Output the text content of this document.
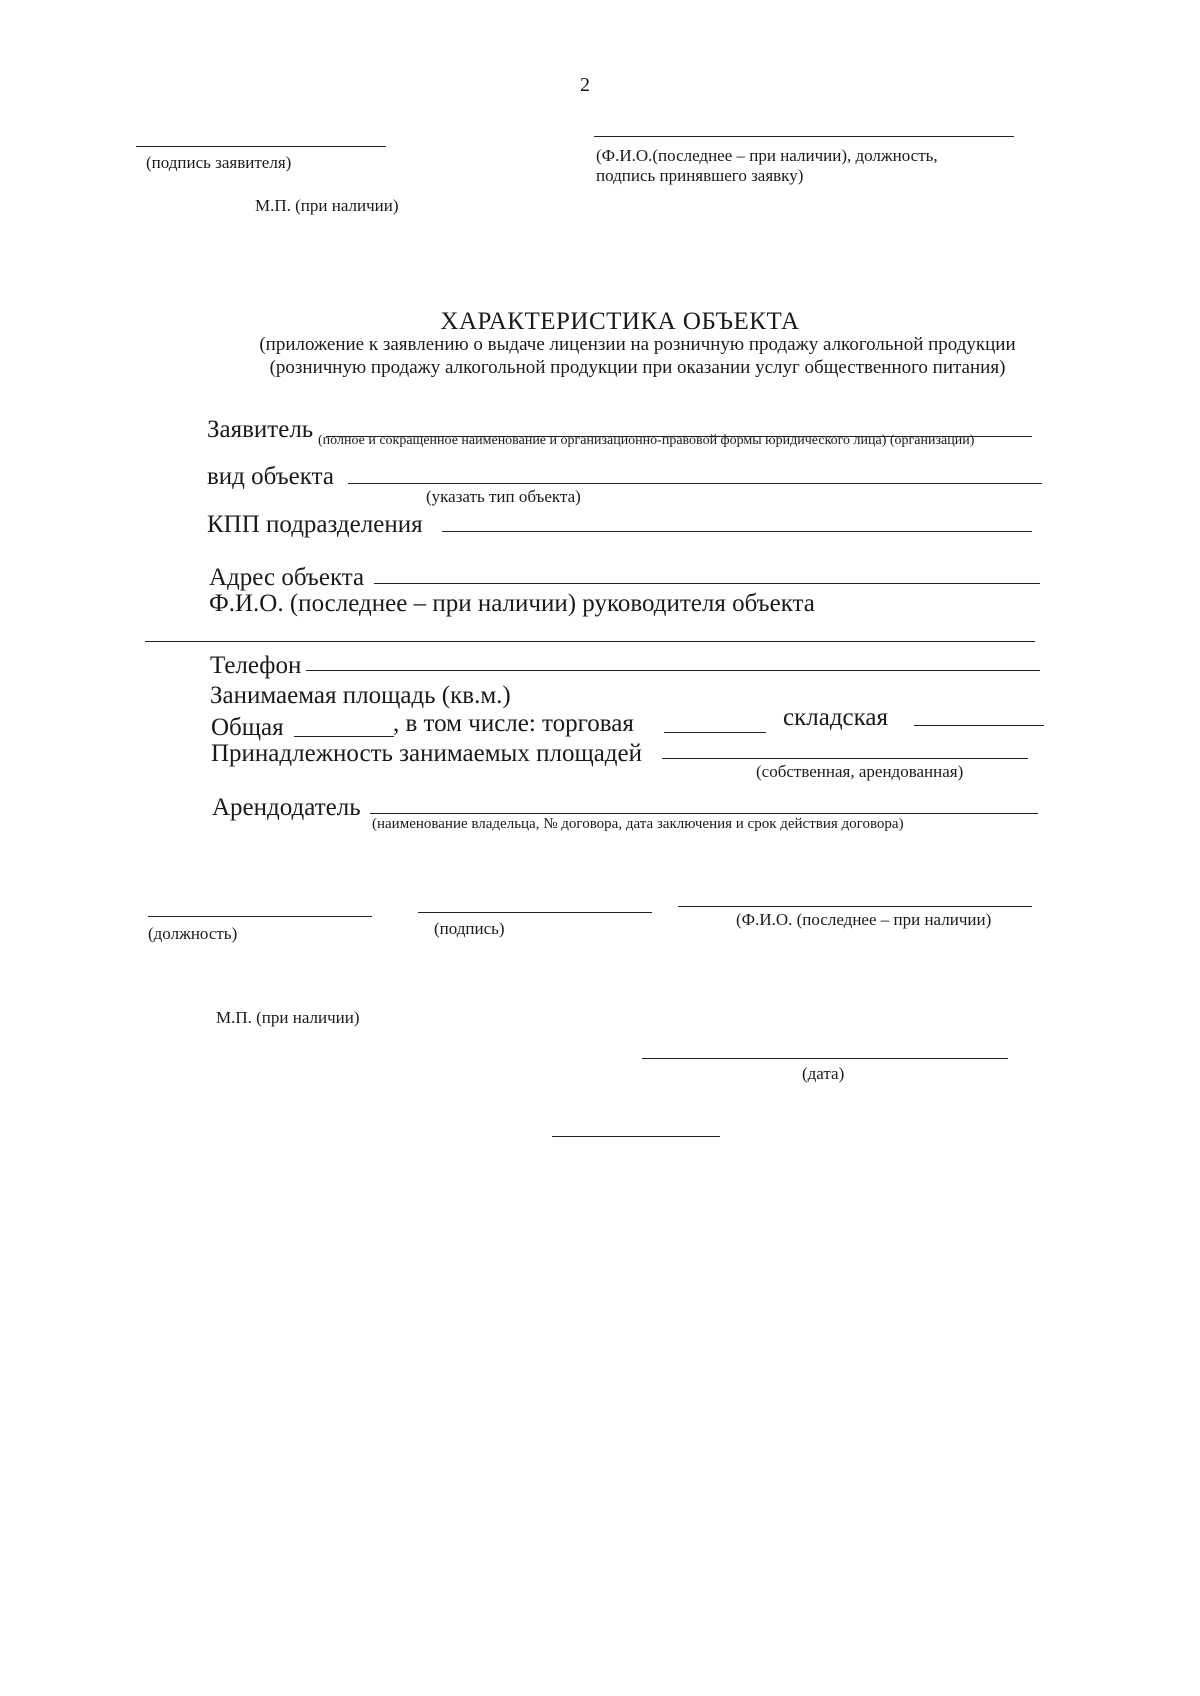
2
(подпись заявителя)	(Ф.И.О.(последнее – при наличии), должность,
подпись принявшего заявку)
М.П. (при наличии)
ХАРАКТЕРИСТИКА ОБЪЕКТА
(приложение к заявлению о выдаче лицензии на розничную продажу алкогольной продукции
(розничную продажу алкогольной продукции при оказании услуг общественного питания)
Заявитель (полное и сокращенное наименование и организационно-правовой формы юридического лица) (организации)
вид объекта
(указать тип объекта)
КПП подразделения
Адрес объекта
Ф.И.О. (последнее – при наличии) руководителя объекта
Телефон
Занимаемая площадь (кв.м.)
Общая	, в том числе: торговая	складская
Принадлежность занимаемых площадей
(собственная, арендованная)
Арендодатель
(наименование владельца, № договора, дата заключения и срок действия договора)
(должность)	(подпись)	(Ф.И.О. (последнее – при наличии)
М.П. (при наличии)
(дата)
